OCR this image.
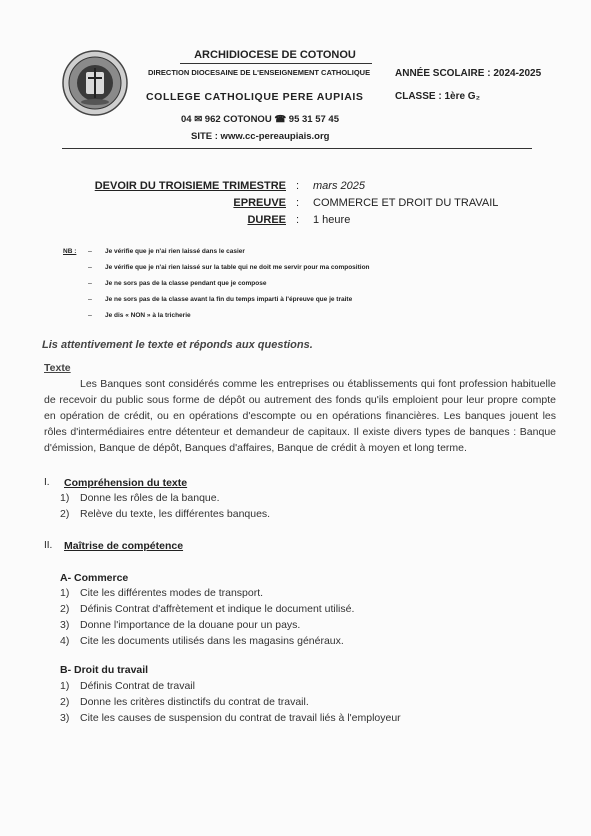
ARCHIDIOCESE DE COTONOU
DIRECTION DIOCESAINE DE L'ENSEIGNEMENT CATHOLIQUE ANNÉE SCOLAIRE : 2024-2025
COLLEGE CATHOLIQUE PERE AUPIAIS	CLASSE : 1ère G₂
04 ✉ 962 COTONOU ☎ 95 31 57 45
SITE : www.cc-pereaupiais.org
DEVOIR DU TROISIEME TRIMESTRE : mars 2025
EPREUVE : COMMERCE ET DROIT DU TRAVAIL
DUREE : 1 heure
NB : – Je vérifie que je n'ai rien laissé dans le casier
– Je vérifie que je n'ai rien laissé sur la table qui ne doit me servir pour ma composition
– Je ne sors pas de la classe pendant que je compose
– Je ne sors pas de la classe avant la fin du temps imparti à l'épreuve que je traite
– Je dis « NON » à la tricherie
Lis attentivement le texte et réponds aux questions.
Texte
Les Banques sont considérés comme les entreprises ou établissements qui font profession habituelle de recevoir du public sous forme de dépôt ou autrement des fonds qu'ils emploient pour leur propre compte en opération de crédit, ou en opérations d'escompte ou en opérations financières. Les banques jouent les rôles d'intermédiaires entre détenteur et demandeur de capitaux. Il existe divers types de banques : Banque d'émission, Banque de dépôt, Banques d'affaires, Banque de crédit à moyen et long terme.
I. Compréhension du texte
1) Donne les rôles de la banque.
2) Relève du texte, les différentes banques.
II. Maîtrise de compétence
A- Commerce
1) Cite les différentes modes de transport.
2) Définis Contrat d'affrètement et indique le document utilisé.
3) Donne l'importance de la douane pour un pays.
4) Cite les documents utilisés dans les magasins généraux.
B- Droit du travail
1) Définis Contrat de travail
2) Donne les critères distinctifs du contrat de travail.
3) Cite les causes de suspension du contrat de travail liés à l'employeur
